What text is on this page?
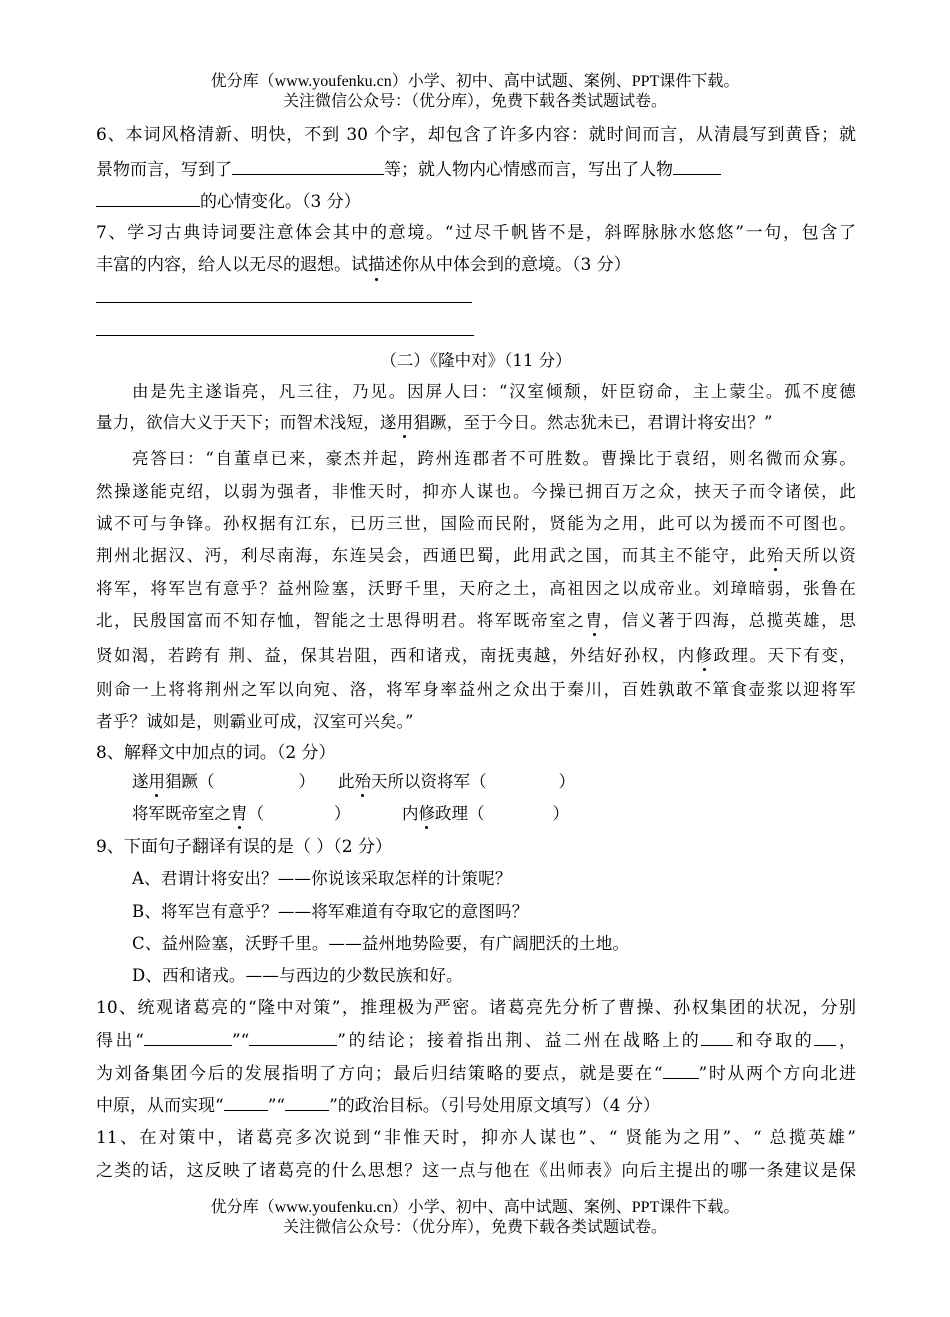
优分库（www.youfenku.cn）小学、初中、高中试题、案例、PPT课件下载。
关注微信公众号：（优分库），免费下载各类试题试卷。
6、本词风格清新、明快，不到 30 个字，却包含了许多内容：就时间而言，从清晨写到黄昏；就
景物而言，写到了	等；就人物内心情感而言，写出了人物
的心情变化。（3 分）
7、学习古典诗词要注意体会其中的意境。“过尽千帆皆不是，斜晖脉脉水悠悠”一句，包含了
丰富的内容，给人以无尽的遐想。试描述你从中体会到的意境。（3 分）
（二）《隆中对》（11 分）
由是先主遂诣亮，凡三往，乃见。因屏人曰：“汉室倾颓，奸臣窃命，主上蒙尘。孤不度德
量力，欲信大义于天下；而智术浅短，遂用猖蹶，至于今日。然志犹未已，君谓计将安出？”
亮答曰：“自董卓已来，豪杰并起，跨州连郡者不可胜数。曹操比于袁绍，则名微而众寡。
然操遂能克绍，以弱为强者，非惟天时，抑亦人谋也。今操已拥百万之众，挟天子而令诸侯，此
诚不可与争锋。孙权据有江东，已历三世，国险而民附，贤能为之用，此可以为援而不可图也。
荆州北据汉、沔，利尽南海，东连吴会，西通巴蜀，此用武之国，而其主不能守，此殆天所以资
将军，将军岂有意乎？益州险塞，沃野千里，天府之土，高祖因之以成帝业。刘璋暗弱，张鲁在
北，民殷国富而不知存恤，智能之士思得明君。将军既帝室之胄，信义著于四海，总揽英雄，思
贤如渴，若跨有 荆、益，保其岩阻，西和诸戎，南抚夷越，外结好孙权，内修政理。天下有变，
则命一上将将荆州之军以向宛、洛，将军身率益州之众出于秦川，百姓孰敢不箪食壶浆以迎将军
者乎？诚如是，则霸业可成，汉室可兴矣。”
8、解释文中加点的词。（2 分）
遂用猖蹶（	） 此殆天所以资将军（	）
将军既帝室之胄（	）	内修政理（	）
9、下面句子翻译有误的是（ ）（2 分）
A、君谓计将安出？——你说该采取怎样的计策呢？
B、将军岂有意乎？——将军难道有夺取它的意图吗？
C、益州险塞，沃野千里。——益州地势险要，有广阔肥沃的土地。
D、西和诸戎。——与西边的少数民族和好。
10、统观诸葛亮的“隆中对策”，推理极为严密。诸葛亮先分析了曹操、孙权集团的状况，分别
得出“	”“	”的结论；接着指出荆、益二州在战略上的 和夺取的 ，
为刘备集团今后的发展指明了方向；最后归结策略的要点，就是要在“ ”时从两个方向北进
中原，从而实现“	”“	”的政治目标。（引号处用原文填写）（4 分）
11、在对策中，诸葛亮多次说到“非惟天时，抑亦人谋也”、“ 贤能为之用”、“ 总揽英雄”
之类的话，这反映了诸葛亮的什么思想？这一点与他在《出师表》向后主提出的哪一条建议是保
优分库（www.youfenku.cn）小学、初中、高中试题、案例、PPT课件下载。
关注微信公众号：（优分库），免费下载各类试题试卷。
